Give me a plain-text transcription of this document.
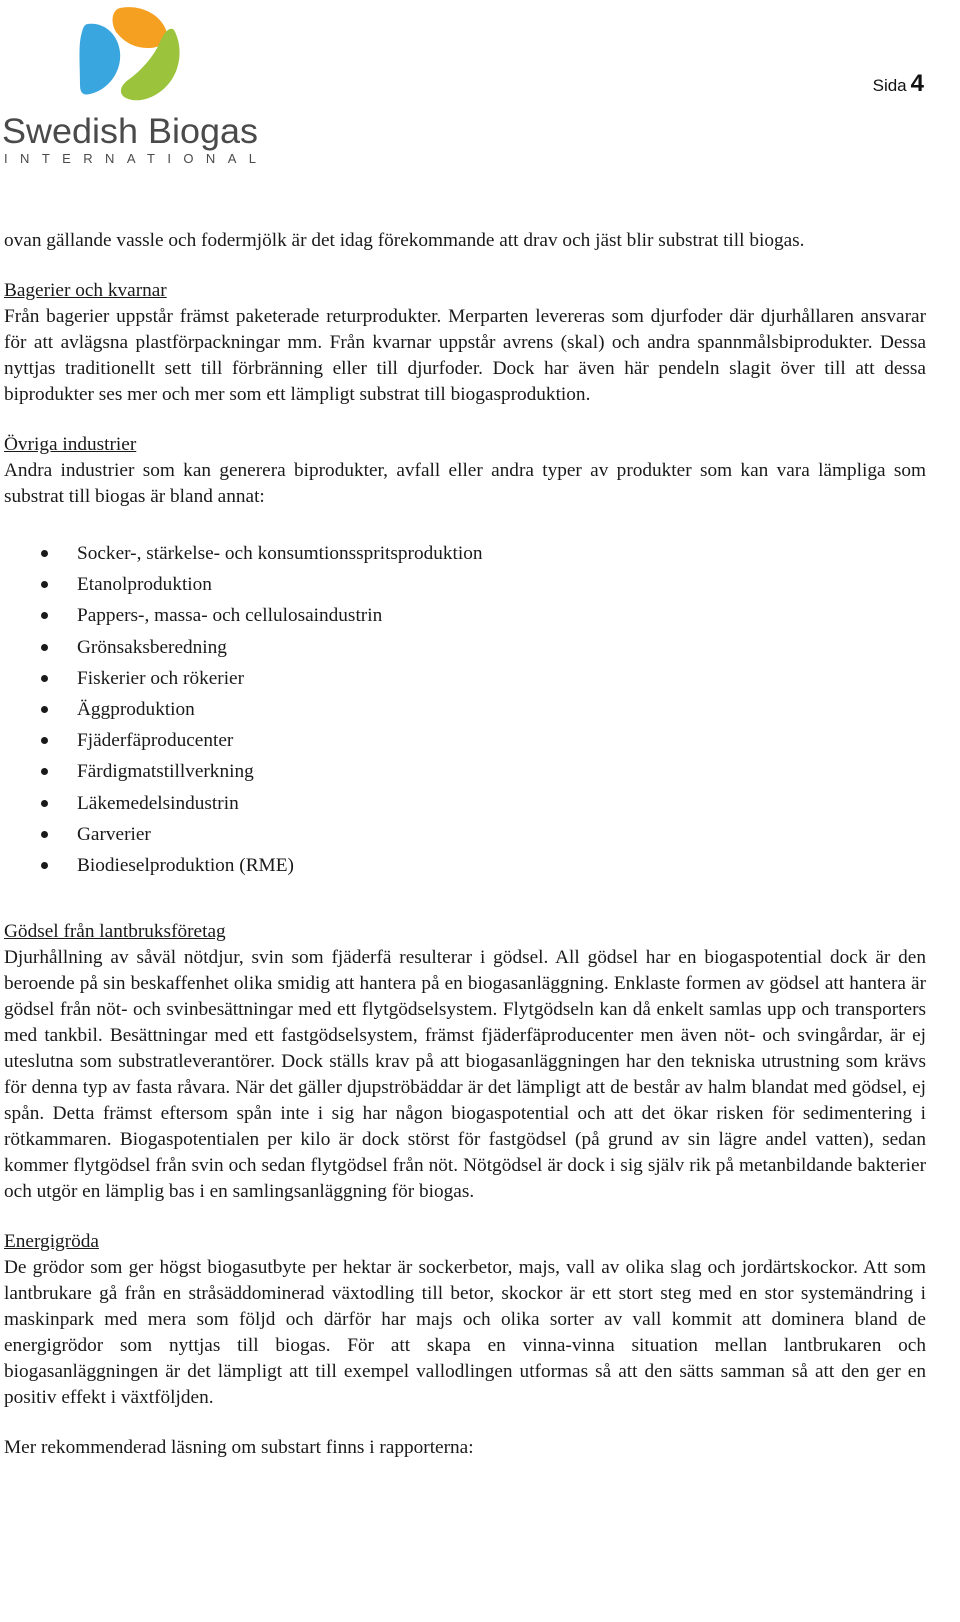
Swedish Biogas
INTERNATIONAL
Sida 4

ovan gällande vassle och fodermjölk är det idag förekommande att drav och jäst blir substrat till biogas.

Bagerier och kvarnar

Från bagerier uppstår främst paketerade returprodukter. Merparten levereras som djurfoder där djurhållaren ansvarar för att avlägsna plastförpackningar mm. Från kvarnar uppstår avrens (skal) och andra spannmålsbiprodukter. Dessa nyttjas traditionellt sett till förbränning eller till djurfoder. Dock har även här pendeln slagit över till att dessa biprodukter ses mer och mer som ett lämpligt substrat till biogasproduktion.

Övriga industrier

Andra industrier som kan generera biprodukter, avfall eller andra typer av produkter som kan vara lämpliga som substrat till biogas är bland annat:

Socker-, stärkelse- och konsumtionsspritsproduktion
Etanolproduktion
Pappers-, massa- och cellulosaindustrin
Grönsaksberedning
Fiskerier och rökerier
Äggproduktion
Fjäderfäproducenter
Färdigmatstillverkning
Läkemedelsindustrin
Garverier
Biodieselproduktion (RME)
Gödsel från lantbruksföretag

Djurhållning av såväl nötdjur, svin som fjäderfä resulterar i gödsel. All gödsel har en biogaspotential dock är den beroende på sin beskaffenhet olika smidig att hantera på en biogasanläggning. Enklaste formen av gödsel att hantera är gödsel från nöt- och svinbesättningar med ett flytgödselsystem. Flytgödseln kan då enkelt samlas upp och transporters med tankbil. Besättningar med ett fastgödselsystem, främst fjäderfäproducenter men även nöt- och svingårdar, är ej uteslutna som substratleverantörer. Dock ställs krav på att biogasanläggningen har den tekniska utrustning som krävs för denna typ av fasta råvara. När det gäller djupströbäddar är det lämpligt att de består av halm blandat med gödsel, ej spån. Detta främst eftersom spån inte i sig har någon biogaspotential och att det ökar risken för sedimentering i rötkammaren. Biogaspotentialen per kilo är dock störst för fastgödsel (på grund av sin lägre andel vatten), sedan kommer flytgödsel från svin och sedan flytgödsel från nöt. Nötgödsel är dock i sig själv rik på metanbildande bakterier och utgör en lämplig bas i en samlingsanläggning för biogas.

Energigröda

De grödor som ger högst biogasutbyte per hektar är sockerbetor, majs, vall av olika slag och jordärtskockor. Att som lantbrukare gå från en stråsäddominerad växtodling till betor, skockor är ett stort steg med en stor systemändring i maskinpark med mera som följd och därför har majs och olika sorter av vall kommit att dominera bland de energigrödor som nyttjas till biogas. För att skapa en vinna-vinna situation mellan lantbrukaren och biogasanläggningen är det lämpligt att till exempel vallodlingen utformas så att den sätts samman så att den ger en positiv effekt i växtföljden.

Mer rekommenderad läsning om substart finns i rapporterna:
